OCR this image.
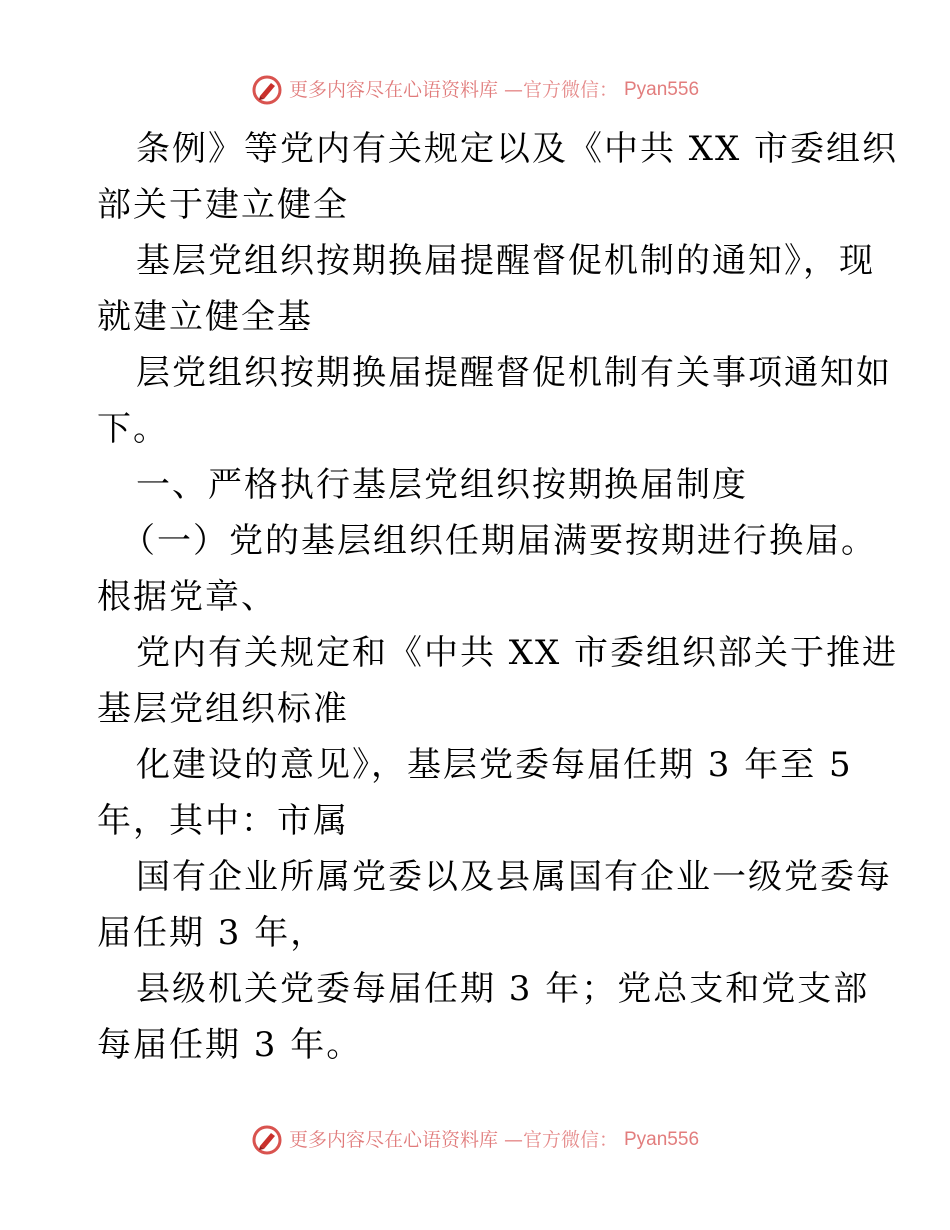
更多内容尽在心语资料库 —官方微信： Pyan556

条例》等党内有关规定以及《中共 XX 市委组织
部关于建立健全

基层党组织按期换届提醒督促机制的通知》，现
就建立健全基

层党组织按期换届提醒督促机制有关事项通知如
下。

一、严格执行基层党组织按期换届制度

（一）党的基层组织任期届满要按期进行换届。
根据党章、

党内有关规定和《中共 XX 市委组织部关于推进
基层党组织标准

化建设的意见》，基层党委每届任期 3 年至 5
年，其中：市属

国有企业所属党委以及县属国有企业一级党委每
届任期 3 年，

县级机关党委每届任期 3 年；党总支和党支部
每届任期 3 年。

更多内容尽在心语资料库 —官方微信： Pyan556
